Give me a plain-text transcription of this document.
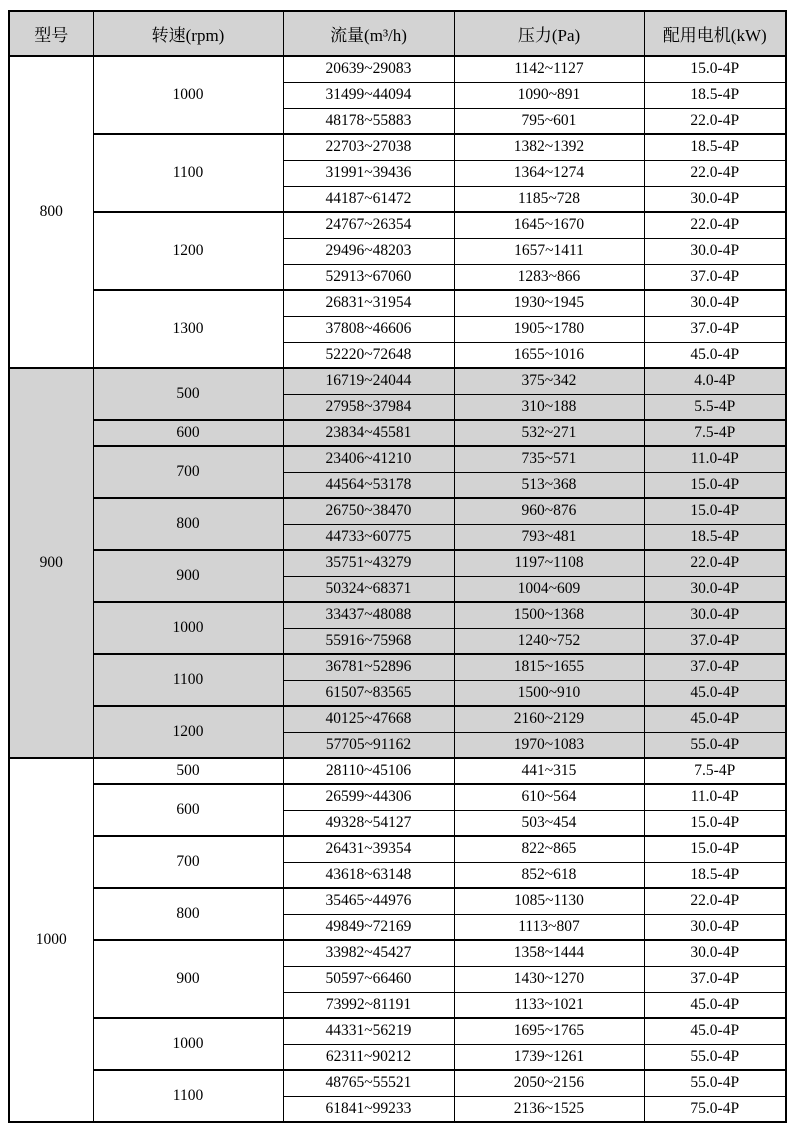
型号	转速(rpm)	流量(m³/h)	压力(Pa)	配用电机(kW)
800	1000	20639~29083	1142~1127	15.0-4P
		31499~44094	1090~891	18.5-4P
		48178~55883	795~601	22.0-4P
	1100	22703~27038	1382~1392	18.5-4P
		31991~39436	1364~1274	22.0-4P
		44187~61472	1185~728	30.0-4P
	1200	24767~26354	1645~1670	22.0-4P
		29496~48203	1657~1411	30.0-4P
		52913~67060	1283~866	37.0-4P
	1300	26831~31954	1930~1945	30.0-4P
		37808~46606	1905~1780	37.0-4P
		52220~72648	1655~1016	45.0-4P
900	500	16719~24044	375~342	4.0-4P
		27958~37984	310~188	5.5-4P
	600	23834~45581	532~271	7.5-4P
	700	23406~41210	735~571	11.0-4P
		44564~53178	513~368	15.0-4P
	800	26750~38470	960~876	15.0-4P
		44733~60775	793~481	18.5-4P
	900	35751~43279	1197~1108	22.0-4P
		50324~68371	1004~609	30.0-4P
	1000	33437~48088	1500~1368	30.0-4P
		55916~75968	1240~752	37.0-4P
	1100	36781~52896	1815~1655	37.0-4P
		61507~83565	1500~910	45.0-4P
	1200	40125~47668	2160~2129	45.0-4P
		57705~91162	1970~1083	55.0-4P
1000	500	28110~45106	441~315	7.5-4P
	600	26599~44306	610~564	11.0-4P
		49328~54127	503~454	15.0-4P
	700	26431~39354	822~865	15.0-4P
		43618~63148	852~618	18.5-4P
	800	35465~44976	1085~1130	22.0-4P
		49849~72169	1113~807	30.0-4P
	900	33982~45427	1358~1444	30.0-4P
		50597~66460	1430~1270	37.0-4P
		73992~81191	1133~1021	45.0-4P
	1000	44331~56219	1695~1765	45.0-4P
		62311~90212	1739~1261	55.0-4P
	1100	48765~55521	2050~2156	55.0-4P
		61841~99233	2136~1525	75.0-4P
